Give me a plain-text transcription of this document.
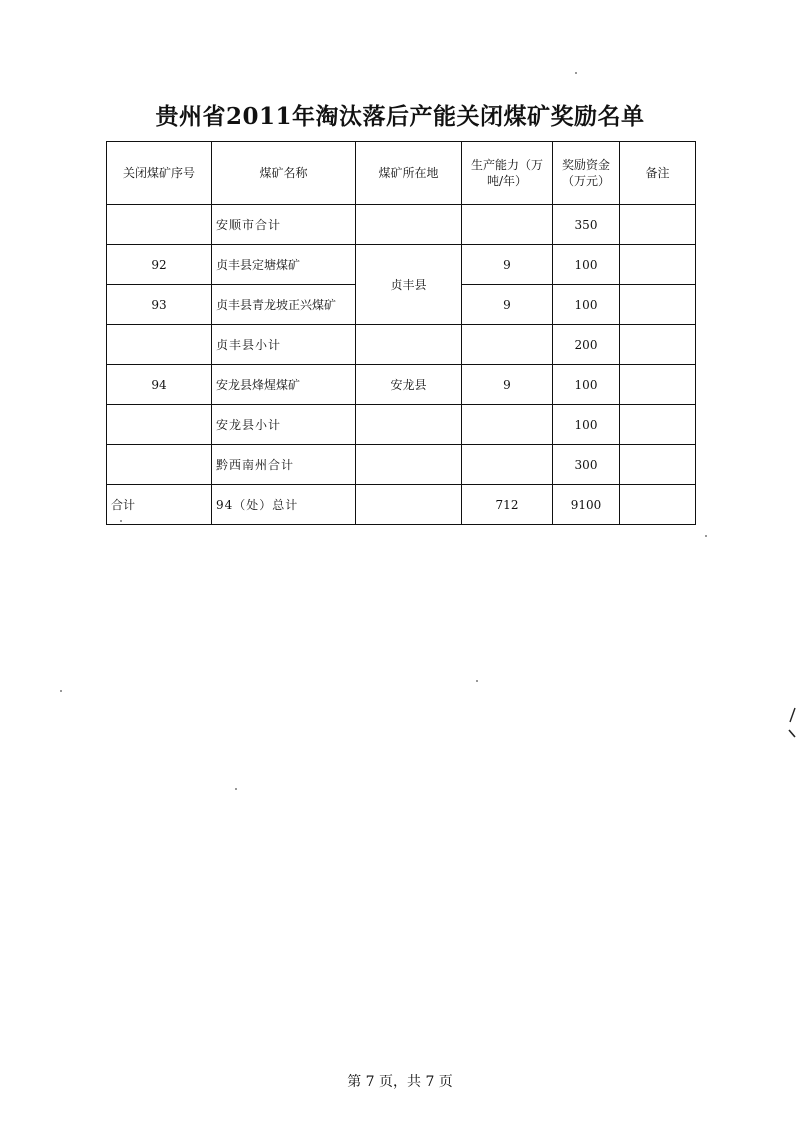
贵州省2011年淘汰落后产能关闭煤矿奖励名单
关闭煤矿序号	煤矿名称	煤矿所在地	生产能力（万吨/年）	奖励资金（万元）	备注
	安顺市合计			350	
92	贞丰县定塘煤矿	贞丰县	9	100	
93	贞丰县青龙坡正兴煤矿		9	100	
	贞丰县小计			200	
94	安龙县烽煋煤矿	安龙县	9	100	
	安龙县小计			100	
	黔西南州合计			300	
合计	94（处）总计		712	9100	
第 7 页，共 7 页
